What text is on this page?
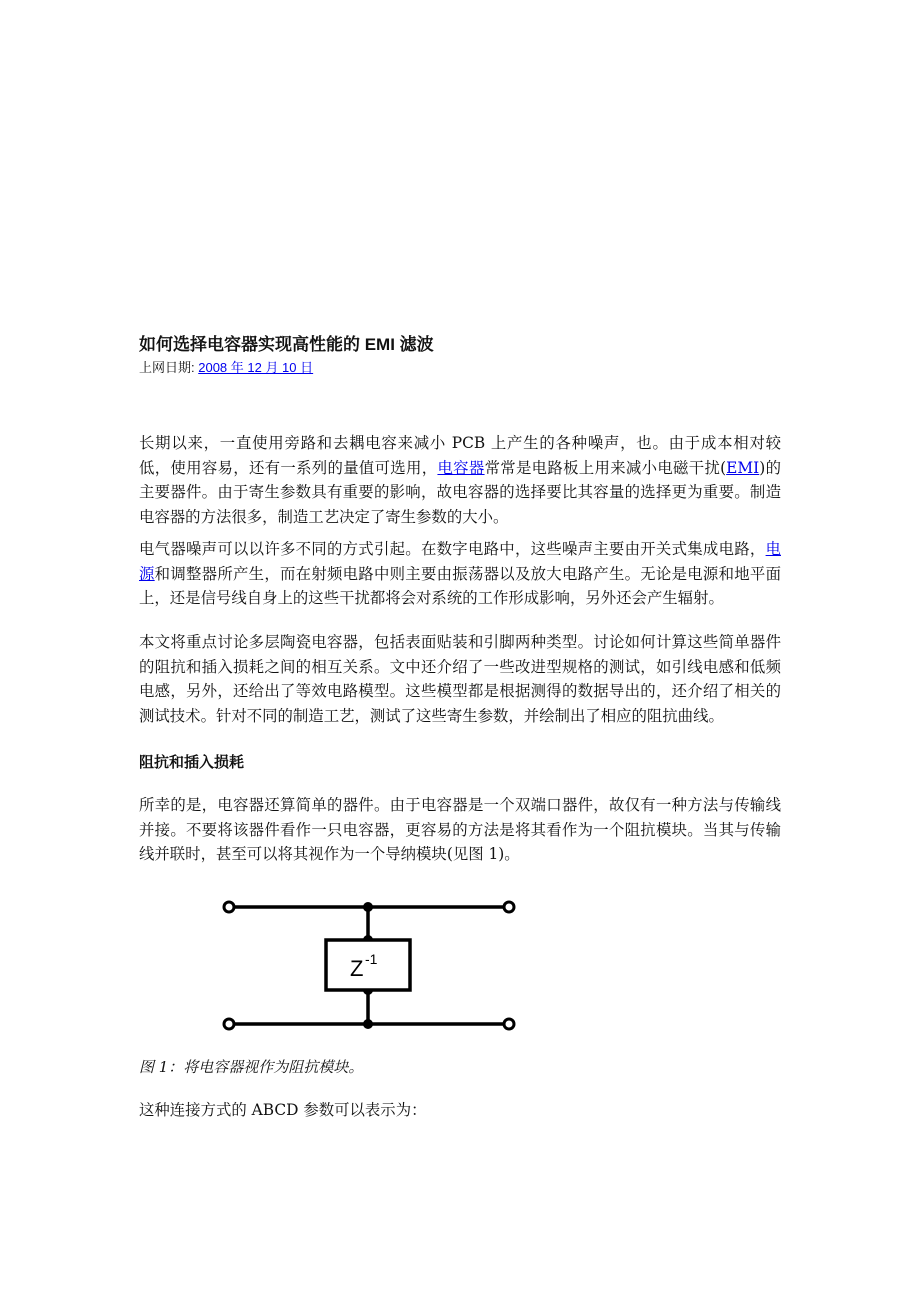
如何选择电容器实现高性能的 EMI 滤波
上网日期: 2008 年 12 月 10 日

长期以来，一直使用旁路和去耦电容来减小 PCB 上产生的各种噪声，也。由于成本相对较低，使用容易，还有一系列的量值可选用，电容器常常是电路板上用来减小电磁干扰(EMI)的主要器件。由于寄生参数具有重要的影响，故电容器的选择要比其容量的选择更为重要。制造电容器的方法很多，制造工艺决定了寄生参数的大小。

电气器噪声可以以许多不同的方式引起。在数字电路中，这些噪声主要由开关式集成电路，电源和调整器所产生，而在射频电路中则主要由振荡器以及放大电路产生。无论是电源和地平面上，还是信号线自身上的这些干扰都将会对系统的工作形成影响，另外还会产生辐射。

本文将重点讨论多层陶瓷电容器，包括表面贴装和引脚两种类型。讨论如何计算这些简单器件的阻抗和插入损耗之间的相互关系。文中还介绍了一些改进型规格的测试，如引线电感和低频电感，另外，还给出了等效电路模型。这些模型都是根据测得的数据导出的，还介绍了相关的测试技术。针对不同的制造工艺，测试了这些寄生参数，并绘制出了相应的阻抗曲线。

阻抗和插入损耗

所幸的是，电容器还算简单的器件。由于电容器是一个双端口器件，故仅有一种方法与传输线并接。不要将该器件看作一只电容器，更容易的方法是将其看作为一个阻抗模块。当其与传输线并联时，甚至可以将其视作为一个导纳模块(见图 1)。

Z -1
图 1：将电容器视作为阻抗模块。
这种连接方式的 ABCD 参数可以表示为：
